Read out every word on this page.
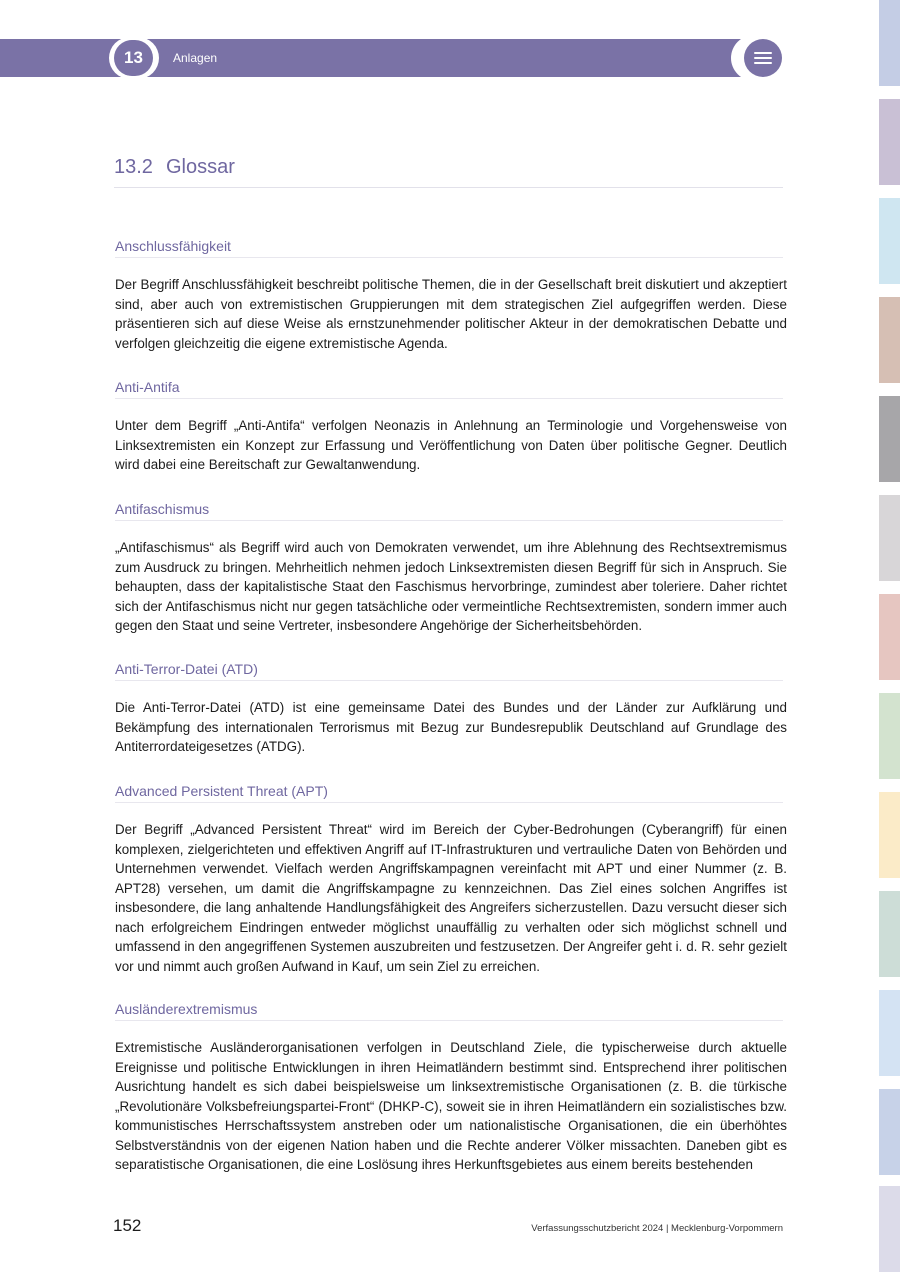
13	Anlagen
13.2 Glossar
Anschlussfähigkeit

Der Begriff Anschlussfähigkeit beschreibt politische Themen, die in der Gesellschaft breit diskutiert und akzeptiert sind, aber auch von extremistischen Gruppierungen mit dem strategischen Ziel aufgegriffen werden. Diese präsentieren sich auf diese Weise als ernstzunehmender politischer Akteur in der demokratischen Debatte und verfolgen gleichzeitig die eigene extremistische Agenda.

Anti-Antifa

Unter dem Begriff „Anti-Antifa“ verfolgen Neonazis in Anlehnung an Terminologie und Vorgehensweise von Linksextremisten ein Konzept zur Erfassung und Veröffentlichung von Daten über politische Gegner. Deutlich wird dabei eine Bereitschaft zur Gewaltanwendung.

Antifaschismus

„Antifaschismus“ als Begriff wird auch von Demokraten verwendet, um ihre Ablehnung des Rechtsextremismus zum Ausdruck zu bringen. Mehrheitlich nehmen jedoch Linksextremisten diesen Begriff für sich in Anspruch. Sie behaupten, dass der kapitalistische Staat den Faschismus hervorbringe, zumindest aber toleriere. Daher richtet sich der Antifaschismus nicht nur gegen tatsächliche oder vermeintliche Rechtsextremisten, sondern immer auch gegen den Staat und seine Vertreter, insbesondere Angehörige der Sicherheitsbehörden.

Anti-Terror-Datei (ATD)

Die Anti-Terror-Datei (ATD) ist eine gemeinsame Datei des Bundes und der Länder zur Aufklärung und Bekämpfung des internationalen Terrorismus mit Bezug zur Bundesrepublik Deutschland auf Grundlage des Antiterrordateigesetzes (ATDG).

Advanced Persistent Threat (APT)

Der Begriff „Advanced Persistent Threat“ wird im Bereich der Cyber-Bedrohungen (Cyberangriff) für einen komplexen, zielgerichteten und effektiven Angriff auf IT-Infrastrukturen und vertrauliche Daten von Behörden und Unternehmen verwendet. Vielfach werden Angriffskampagnen vereinfacht mit APT und einer Nummer (z. B. APT28) versehen, um damit die Angriffskampagne zu kennzeichnen. Das Ziel eines solchen Angriffes ist insbesondere, die lang anhaltende Handlungsfähigkeit des Angreifers sicherzustellen. Dazu versucht dieser sich nach erfolgreichem Eindringen entweder möglichst unauffällig zu verhalten oder sich möglichst schnell und umfassend in den angegriffenen Systemen auszubreiten und festzusetzen. Der Angreifer geht i. d. R. sehr gezielt vor und nimmt auch großen Aufwand in Kauf, um sein Ziel zu erreichen.

Ausländerextremismus

Extremistische Ausländerorganisationen verfolgen in Deutschland Ziele, die typischerweise durch aktuelle Ereignisse und politische Entwicklungen in ihren Heimatländern bestimmt sind. Entsprechend ihrer politischen Ausrichtung handelt es sich dabei beispielsweise um linksextremistische Organisationen (z. B. die türkische „Revolutionäre Volksbefreiungspartei-Front“ (DHKP-C), soweit sie in ihren Heimatländern ein sozialistisches bzw. kommunistisches Herrschaftssystem anstreben oder um nationalistische Organisationen, die ein überhöhtes Selbstverständnis von der eigenen Nation haben und die Rechte anderer Völker missachten. Daneben gibt es separatistische Organisationen, die eine Loslösung ihres Herkunftsgebietes aus einem bereits bestehenden

152	Verfassungsschutzbericht 2024 | Mecklenburg-Vorpommern
